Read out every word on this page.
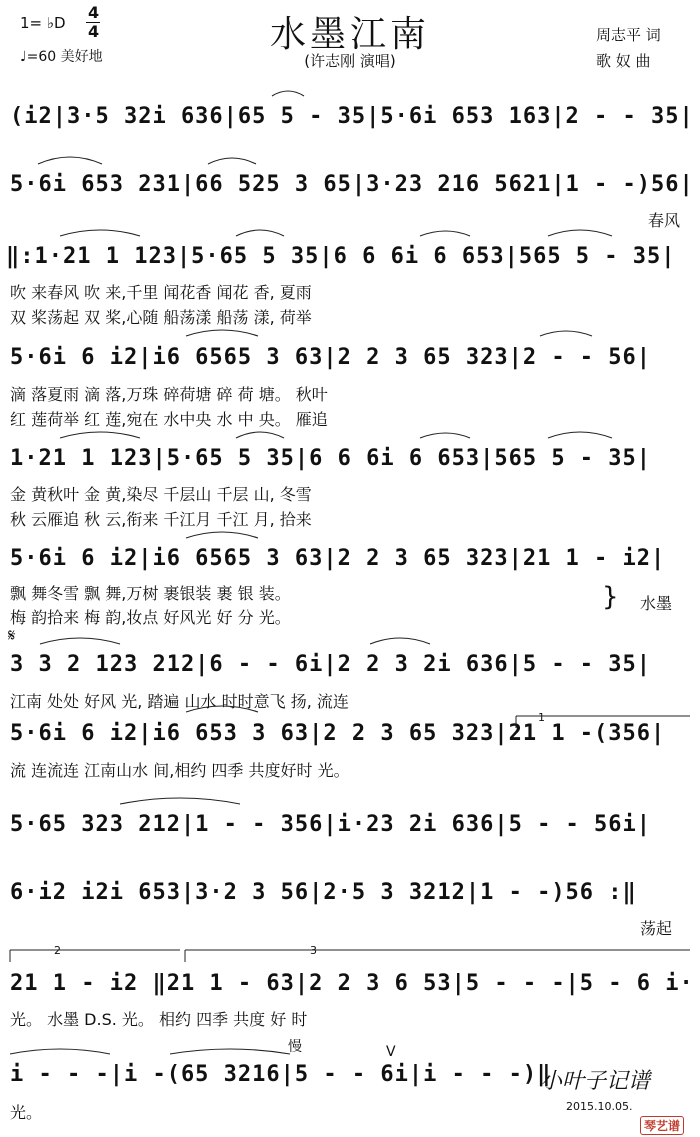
1= ♭D
4
4
♩=60 美好地
水墨江南
(许志刚 演唱)
周志平 词
歌 奴 曲
(i2|3·5 32i 636|65 5 - 35|5·6i 653 163|2 - - 35|
5·6i 653 231|66 525 3 65|3·23 216 5621|1 - -)56|
春风
‖:1·21 1 123|5·65 5 35|6 6 6i 6 653|565 5 - 35|
吹 来春风 吹 来,千里 闻花香 闻花 香, 夏雨
双 桨荡起 双 桨,心随 船荡漾 船荡 漾, 荷举
5·6i 6 i2|i6 6565 3 63|2 2 3 65 323|2 - - 56|
滴 落夏雨 滴 落,万珠 碎荷塘 碎 荷 塘。 秋叶
红 莲荷举 红 莲,宛在 水中央 水 中 央。 雁追
1·21 1 123|5·65 5 35|6 6 6i 6 653|565 5 - 35|
金 黄秋叶 金 黄,染尽 千层山 千层 山, 冬雪
秋 云雁追 秋 云,衔来 千江月 千江 月, 拾来
5·6i 6 i2|i6 6565 3 63|2 2 3 65 323|21 1 - i2|
飘 舞冬雪 飘 舞,万树 裹银装 裹 银 装。
梅 韵拾来 梅 韵,妆点 好风光 好 分 光。
} 水墨
𝄋
3 3 2 123 212|6 - - 6i|2 2 3 2i 636|5 - - 35|
江南 处处 好风 光, 踏遍 山水 时时意飞 扬, 流连
1
5·6i 6 i2|i6 653 3 63|2 2 3 65 323|21 1 -(356|
流 连流连 江南山水 间,相约 四季 共度好时 光。
5·65 323 212|1 - - 356|i·23 2i 636|5 - - 56i|
6·i2 i2i 653|3·2 3 56|2·5 3 3212|1 - -)56 :‖
荡起
2	3
21 1 - i2 ‖21 1 - 63|2 2 3 6 53|5 - - -|5 - 6 i·
光。 水墨 D.S. 光。 相约 四季 共度 好 时
慢	V
i - - -|i -(65 3216|5 - - 6i|i - - -)‖
光。
小叶子记谱
2015.10.05.
琴艺谱
